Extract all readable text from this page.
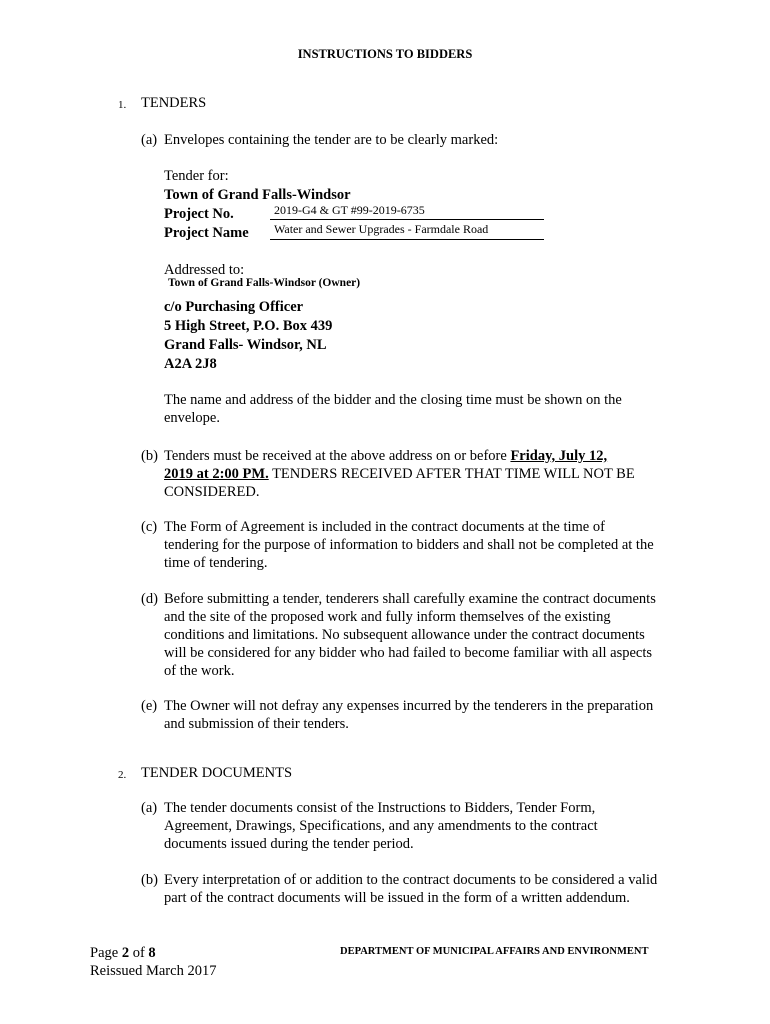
INSTRUCTIONS TO BIDDERS
1. TENDERS
(a) Envelopes containing the tender are to be clearly marked:
Tender for:
Town of Grand Falls-Windsor
Project No.	2019-G4 & GT #99-2019-6735
Project Name Water and Sewer Upgrades - Farmdale Road
Addressed to:
Town of Grand Falls-Windsor (Owner)
c/o Purchasing Officer
5 High Street, P.O. Box 439
Grand Falls- Windsor, NL
A2A 2J8
The name and address of the bidder and the closing time must be shown on the
envelope.
(b) Tenders must be received at the above address on or before Friday, July 12,
2019 at 2:00 PM. TENDERS RECEIVED AFTER THAT TIME WILL NOT BE
CONSIDERED.
(c) The Form of Agreement is included in the contract documents at the time of
tendering for the purpose of information to bidders and shall not be completed at the
time of tendering.
(d) Before submitting a tender, tenderers shall carefully examine the contract documents
and the site of the proposed work and fully inform themselves of the existing
conditions and limitations. No subsequent allowance under the contract documents
will be considered for any bidder who had failed to become familiar with all aspects
of the work.
(e) The Owner will not defray any expenses incurred by the tenderers in the preparation
and submission of their tenders.
2. TENDER DOCUMENTS
(a) The tender documents consist of the Instructions to Bidders, Tender Form,
Agreement, Drawings, Specifications, and any amendments to the contract
documents issued during the tender period.
(b) Every interpretation of or addition to the contract documents to be considered a valid
part of the contract documents will be issued in the form of a written addendum.
Page 2 of 8
Reissued March 2017
DEPARTMENT OF MUNICIPAL AFFAIRS AND ENVIRONMENT
